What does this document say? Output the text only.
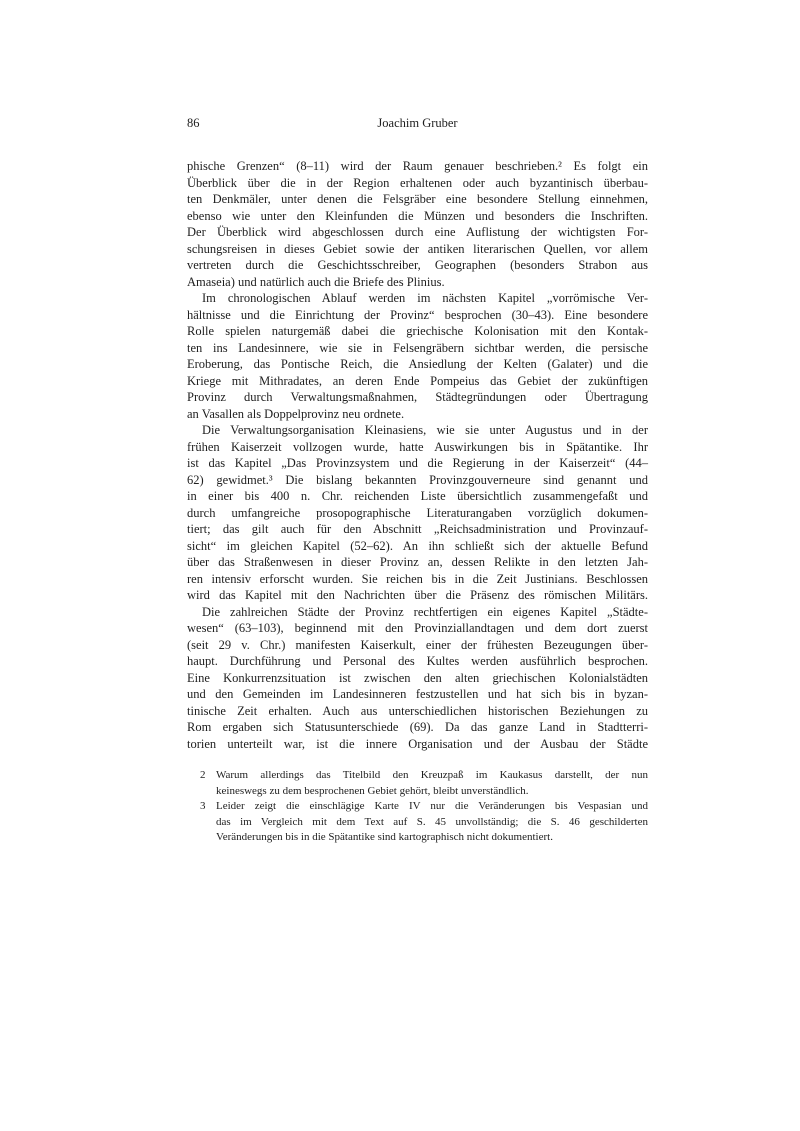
86	Joachim Gruber
phische Grenzen“ (8–11) wird der Raum genauer beschrieben.² Es folgt ein
Überblick über die in der Region erhaltenen oder auch byzantinisch überbau-
ten Denkmäler, unter denen die Felsgräber eine besondere Stellung einnehmen,
ebenso wie unter den Kleinfunden die Münzen und besonders die Inschriften.
Der Überblick wird abgeschlossen durch eine Auflistung der wichtigsten For-
schungsreisen in dieses Gebiet sowie der antiken literarischen Quellen, vor allem
vertreten durch die Geschichtsschreiber, Geographen (besonders Strabon aus
Amaseia) und natürlich auch die Briefe des Plinius.
Im chronologischen Ablauf werden im nächsten Kapitel „vorrömische Ver-
hältnisse und die Einrichtung der Provinz“ besprochen (30–43). Eine besondere
Rolle spielen naturgemäß dabei die griechische Kolonisation mit den Kontak-
ten ins Landesinnere, wie sie in Felsengräbern sichtbar werden, die persische
Eroberung, das Pontische Reich, die Ansiedlung der Kelten (Galater) und die
Kriege mit Mithradates, an deren Ende Pompeius das Gebiet der zukünftigen
Provinz durch Verwaltungsmaßnahmen, Städtegründungen oder Übertragung
an Vasallen als Doppelprovinz neu ordnete.
Die Verwaltungsorganisation Kleinasiens, wie sie unter Augustus und in der
frühen Kaiserzeit vollzogen wurde, hatte Auswirkungen bis in Spätantike. Ihr
ist das Kapitel „Das Provinzsystem und die Regierung in der Kaiserzeit“ (44–
62) gewidmet.³ Die bislang bekannten Provinzgouverneure sind genannt und
in einer bis 400 n. Chr. reichenden Liste übersichtlich zusammengefaßt und
durch umfangreiche prosopographische Literaturangaben vorzüglich dokumen-
tiert; das gilt auch für den Abschnitt „Reichsadministration und Provinzauf-
sicht“ im gleichen Kapitel (52–62). An ihn schließt sich der aktuelle Befund
über das Straßenwesen in dieser Provinz an, dessen Relikte in den letzten Jah-
ren intensiv erforscht wurden. Sie reichen bis in die Zeit Justinians. Beschlossen
wird das Kapitel mit den Nachrichten über die Präsenz des römischen Militärs.
Die zahlreichen Städte der Provinz rechtfertigen ein eigenes Kapitel „Städte-
wesen“ (63–103), beginnend mit den Provinziallandtagen und dem dort zuerst
(seit 29 v. Chr.) manifesten Kaiserkult, einer der frühesten Bezeugungen über-
haupt. Durchführung und Personal des Kultes werden ausführlich besprochen.
Eine Konkurrenzsituation ist zwischen den alten griechischen Kolonialstädten
und den Gemeinden im Landesinneren festzustellen und hat sich bis in byzan-
tinische Zeit erhalten. Auch aus unterschiedlichen historischen Beziehungen zu
Rom ergaben sich Statusunterschiede (69). Da das ganze Land in Stadtterri-
torien unterteilt war, ist die innere Organisation und der Ausbau der Städte
2 Warum allerdings das Titelbild den Kreuzpaß im Kaukasus darstellt, der nun
keineswegs zu dem besprochenen Gebiet gehört, bleibt unverständlich.
3 Leider zeigt die einschlägige Karte IV nur die Veränderungen bis Vespasian und
das im Vergleich mit dem Text auf S. 45 unvollständig; die S. 46 geschilderten
Veränderungen bis in die Spätantike sind kartographisch nicht dokumentiert.
